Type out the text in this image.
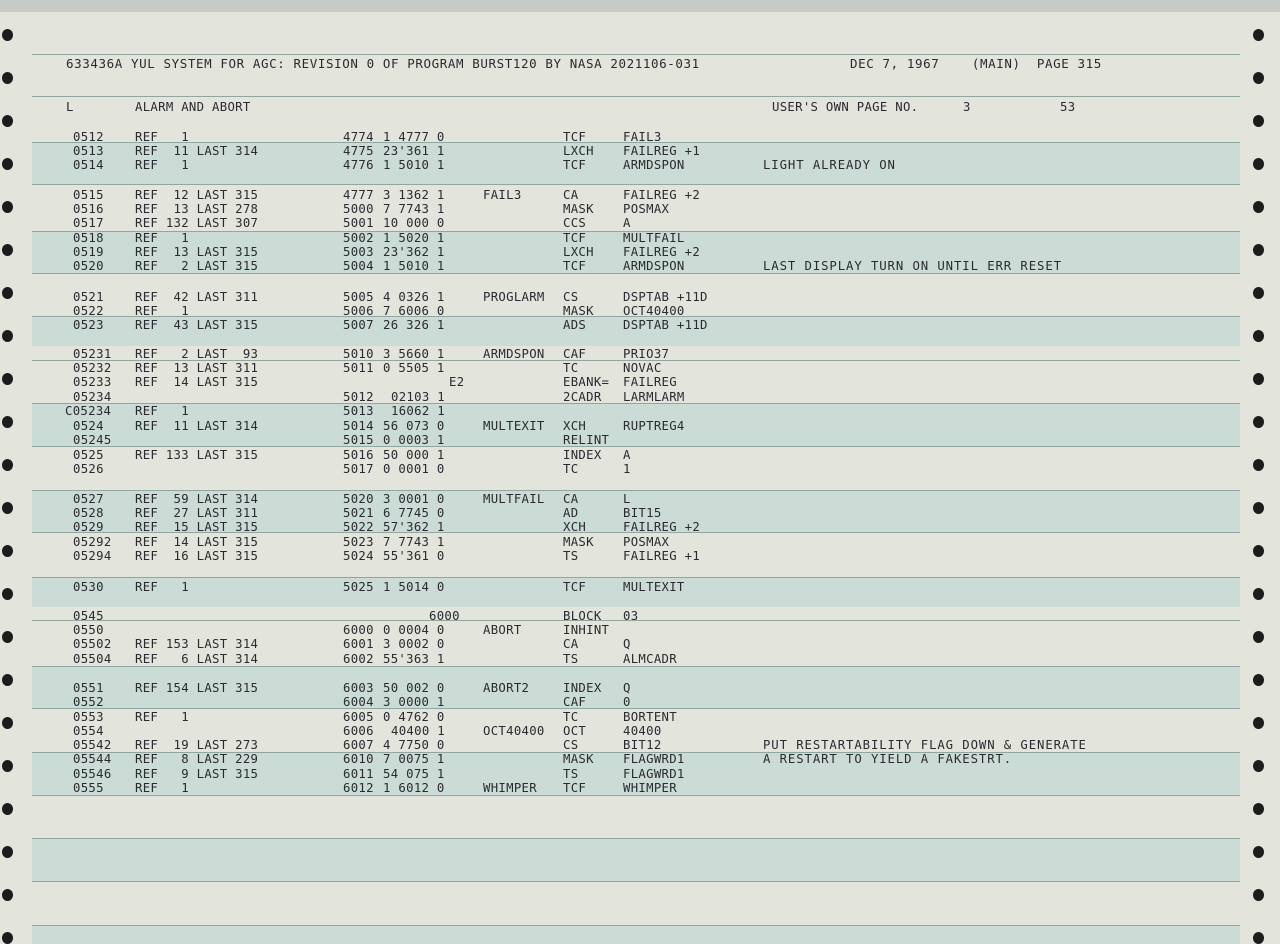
633436A YUL SYSTEM FOR AGC: REVISION 0 OF PROGRAM BURST120 BY NASA 2021106-031	DEC 7, 1967    (MAIN)  PAGE 315
L	ALARM AND ABORT	USER'S OWN PAGE NO.	3	53
0512	REF   1	4774 1 4777 0	TCF	FAIL3
0513	REF  11 LAST 314	4775 23'361 1	LXCH FAILREG +1
0514	REF   1	4776 1 5010 1	TCF	ARMDSPON	LIGHT ALREADY ON
0515	REF  12 LAST 315	4777 3 1362 1	FAIL3	CA	FAILREG +2
0516	REF  13 LAST 278	5000 7 7743 1	MASK POSMAX
0517	REF 132 LAST 307	5001 10 000 0	CCS	A
0518	REF   1	5002 1 5020 1	TCF	MULTFAIL
0519	REF  13 LAST 315	5003 23'362 1	LXCH FAILREG +2
0520	REF   2 LAST 315	5004 1 5010 1	TCF	ARMDSPON	LAST DISPLAY TURN ON UNTIL ERR RESET
0521	REF  42 LAST 311	5005 4 0326 1	PROGLARM CS	DSPTAB +11D
0522	REF   1	5006 7 6006 0	MASK OCT40400
0523	REF  43 LAST 315	5007 26 326 1	ADS	DSPTAB +11D
05231 REF   2 LAST  93	5010 3 5660 1	ARMDSPON CAF	PRIO37
05232 REF  13 LAST 311	5011 0 5505 1	TC	NOVAC
05233 REF  14 LAST 315	E2	EBANK= FAILREG
05234	5012 02103 1	2CADR LARMLARM
C05234 REF   1	5013 16062 1
0524	REF  11 LAST 314	5014 56 073 0	MULTEXIT XCH	RUPTREG4
05245	5015 0 0003 1	RELINT
0525	REF 133 LAST 315	5016 50 000 1	INDEX A
0526	5017 0 0001 0	TC	1
0527	REF  59 LAST 314	5020 3 0001 0	MULTFAIL CA	L
0528	REF  27 LAST 311	5021 6 7745 0	AD	BIT15
0529	REF  15 LAST 315	5022 57'362 1	XCH	FAILREG +2
05292 REF  14 LAST 315	5023 7 7743 1	MASK POSMAX
05294 REF  16 LAST 315	5024 55'361 0	TS	FAILREG +1
0530	REF   1	5025 1 5014 0	TCF	MULTEXIT
0545	6000	BLOCK 03
0550	6000 0 0004 0	ABORT	INHINT
05502 REF 153 LAST 314	6001 3 0002 0	CA	Q
05504 REF   6 LAST 314	6002 55'363 1	TS	ALMCADR
0551	REF 154 LAST 315	6003 50 002 0	ABORT2	INDEX Q
0552	6004 3 0000 1	CAF	0
0553	REF   1	6005 0 4762 0	TC	BORTENT
0554	6006 40400 1	OCT40400 OCT	40400
05542 REF  19 LAST 273	6007 4 7750 0	CS	BIT12	PUT RESTARTABILITY FLAG DOWN & GENERATE
05544 REF   8 LAST 229	6010 7 0075 1	MASK FLAGWRD1	A RESTART TO YIELD A FAKESTRT.
05546 REF   9 LAST 315	6011 54 075 1	TS	FLAGWRD1
0555	REF   1	6012 1 6012 0	WHIMPER TCF	WHIMPER
